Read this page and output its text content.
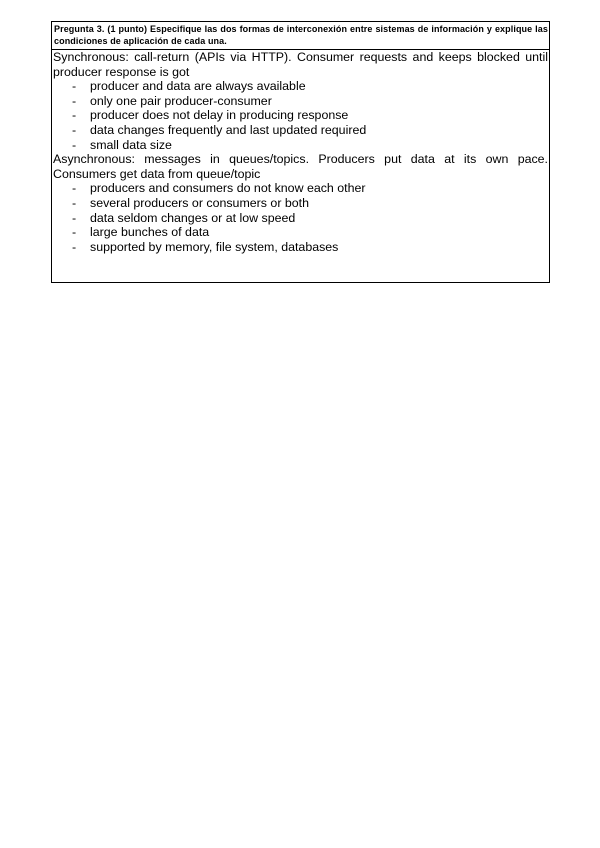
Pregunta 3. (1 punto) Especifique las dos formas de interconexión entre sistemas de información y explique las condiciones de aplicación de cada una.

Synchronous: call-return (APIs via HTTP). Consumer requests and keeps blocked until producer response is got

- producer and data are always available
- only one pair producer-consumer
- producer does not delay in producing response
- data changes frequently and last updated required
- small data size

Asynchronous: messages in queues/topics. Producers put data at its own pace. Consumers get data from queue/topic

- producers and consumers do not know each other
- several producers or consumers or both
- data seldom changes or at low speed
- large bunches of data
- supported by memory, file system, databases
